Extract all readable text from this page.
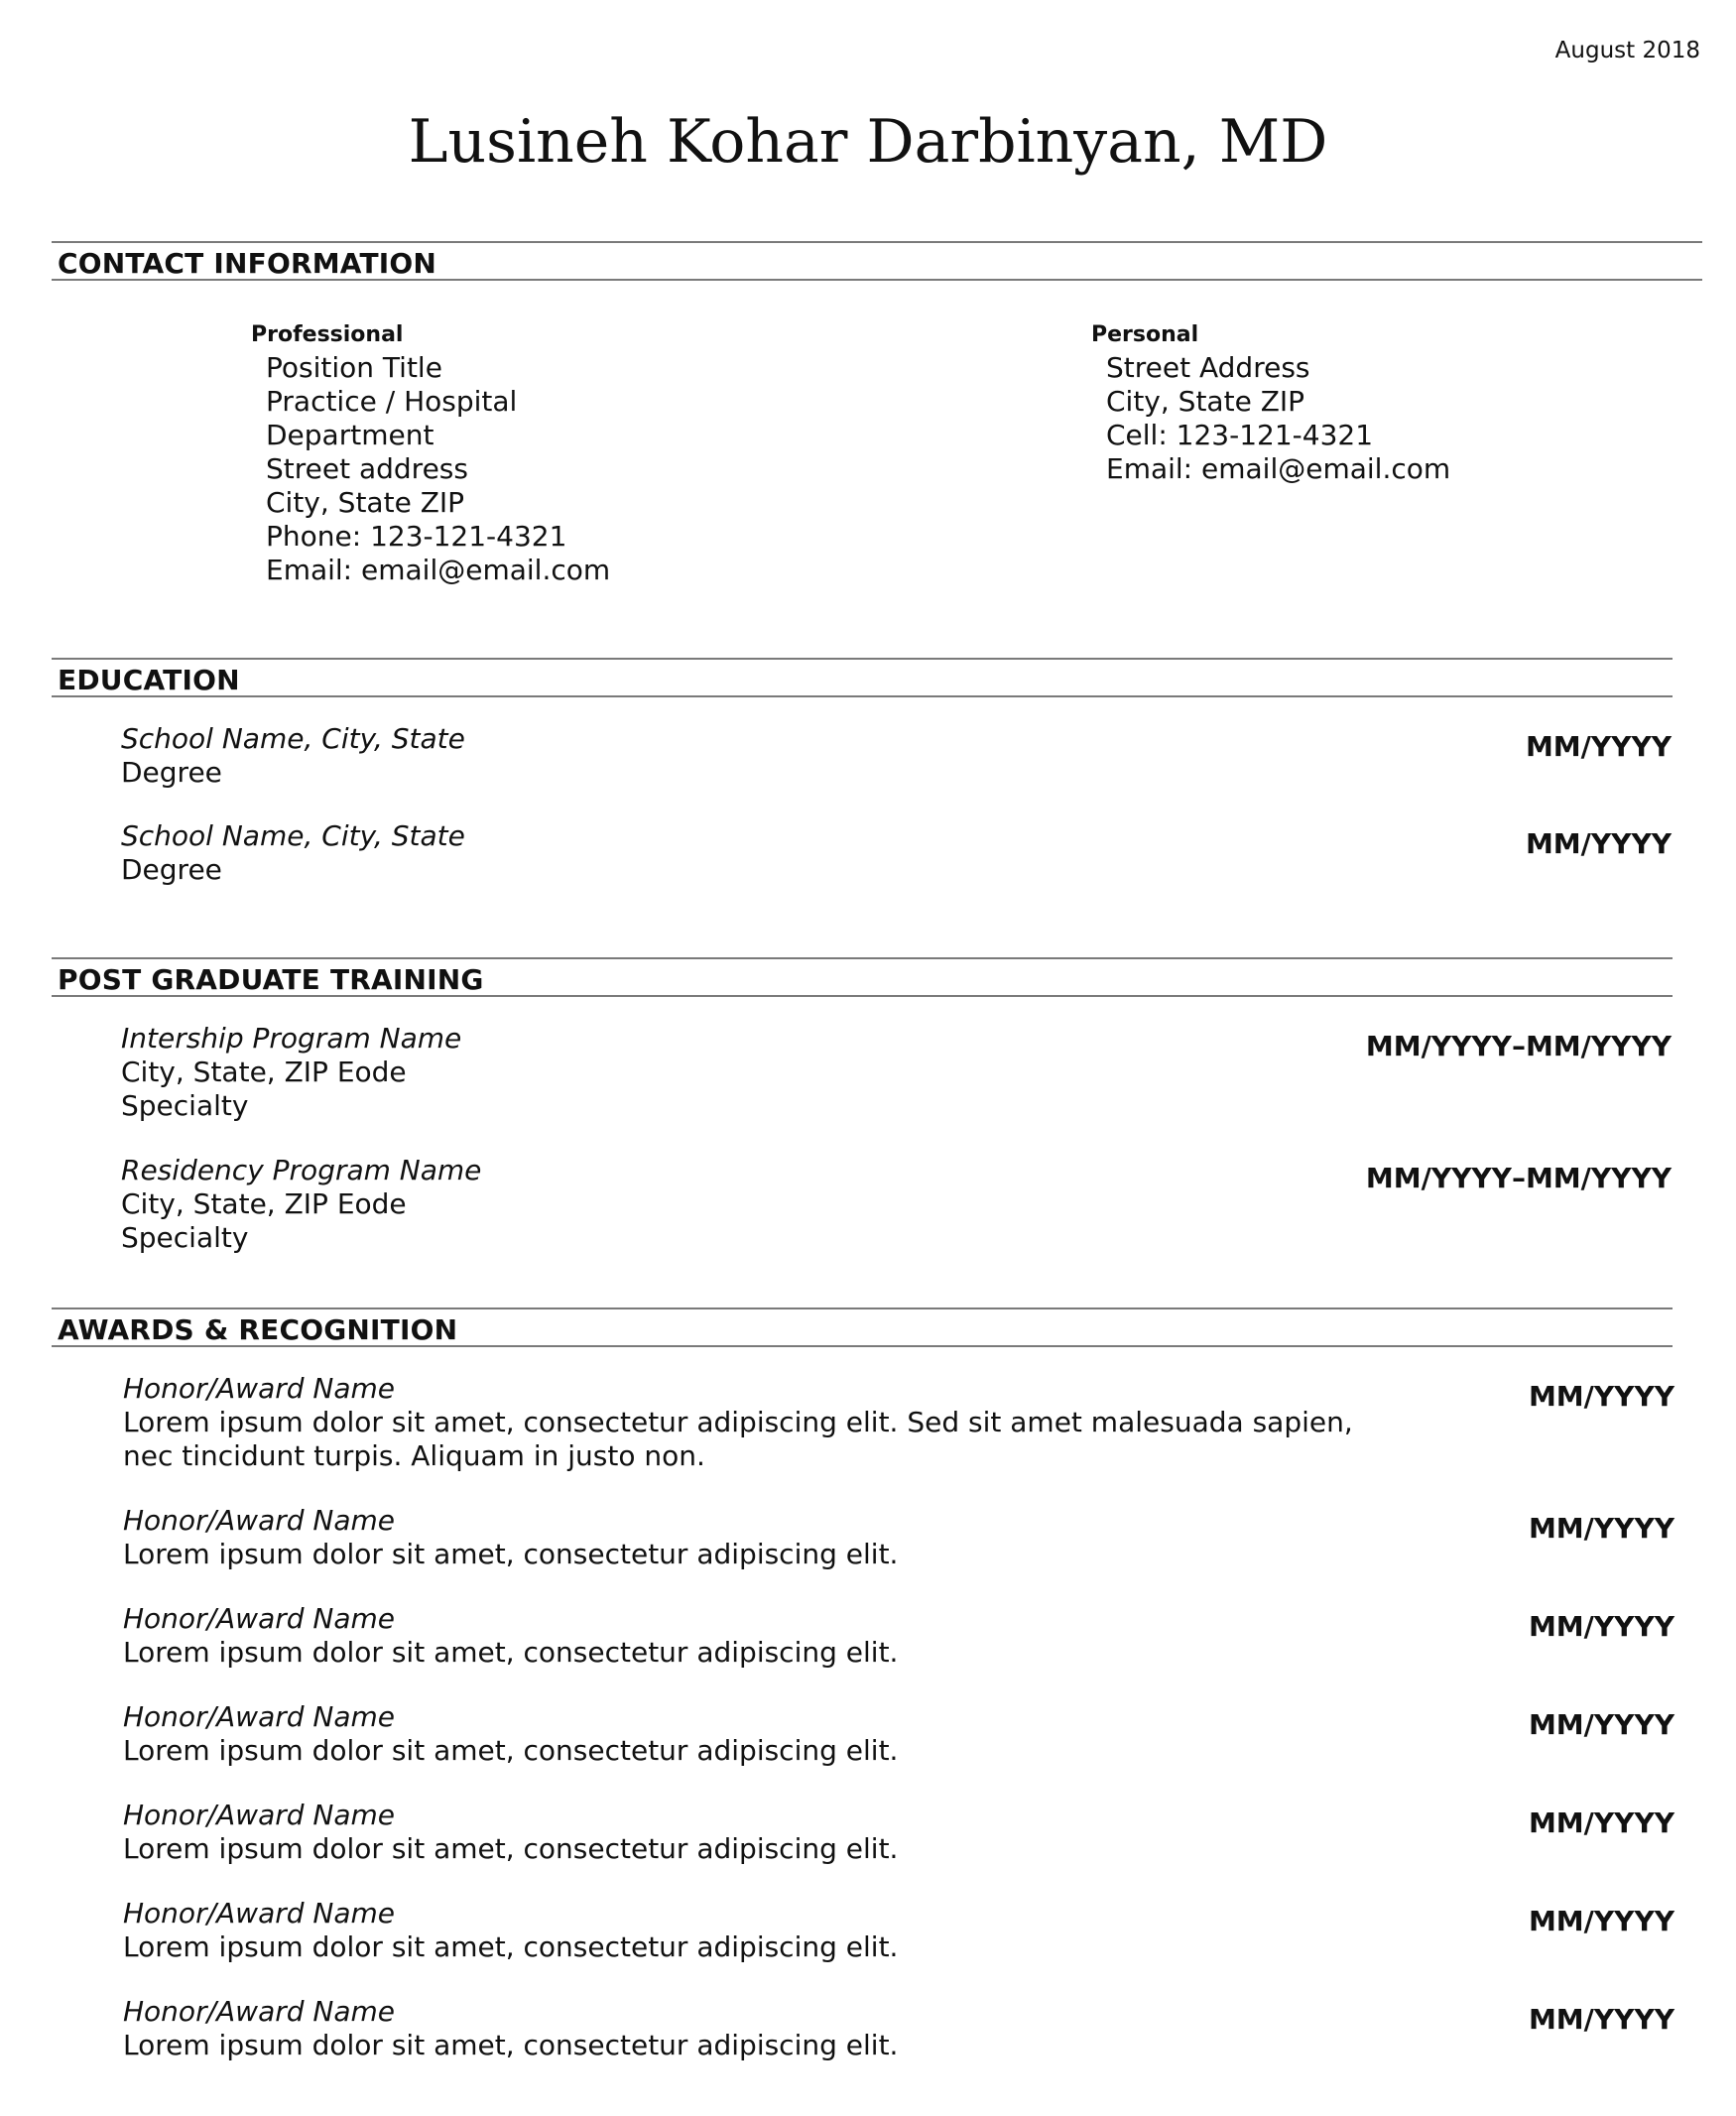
August 2018
Lusineh Kohar Darbinyan, MD
CONTACT INFORMATION
Professional
Position Title
Practice / Hospital
Department
Street address
City, State ZIP
Phone: 123-121-4321
Email: email@email.com
Personal
Street Address
City, State ZIP
Cell: 123-121-4321
Email: email@email.com
EDUCATION
School Name, City, State
Degree
MM/YYYY
School Name, City, State
Degree
MM/YYYY
POST GRADUATE TRAINING
Intership Program Name
City, State, ZIP Eode
Specialty
MM/YYYY–MM/YYYY
Residency Program Name
City, State, ZIP Eode
Specialty
MM/YYYY–MM/YYYY
AWARDS & RECOGNITION
Honor/Award Name
Lorem ipsum dolor sit amet, consectetur adipiscing elit. Sed sit amet malesuada sapien,
nec tincidunt turpis. Aliquam in justo non.
MM/YYYY
Honor/Award Name
Lorem ipsum dolor sit amet, consectetur adipiscing elit.
MM/YYYY
Honor/Award Name
Lorem ipsum dolor sit amet, consectetur adipiscing elit.
MM/YYYY
Honor/Award Name
Lorem ipsum dolor sit amet, consectetur adipiscing elit.
MM/YYYY
Honor/Award Name
Lorem ipsum dolor sit amet, consectetur adipiscing elit.
MM/YYYY
Honor/Award Name
Lorem ipsum dolor sit amet, consectetur adipiscing elit.
MM/YYYY
Honor/Award Name
Lorem ipsum dolor sit amet, consectetur adipiscing elit.
MM/YYYY
